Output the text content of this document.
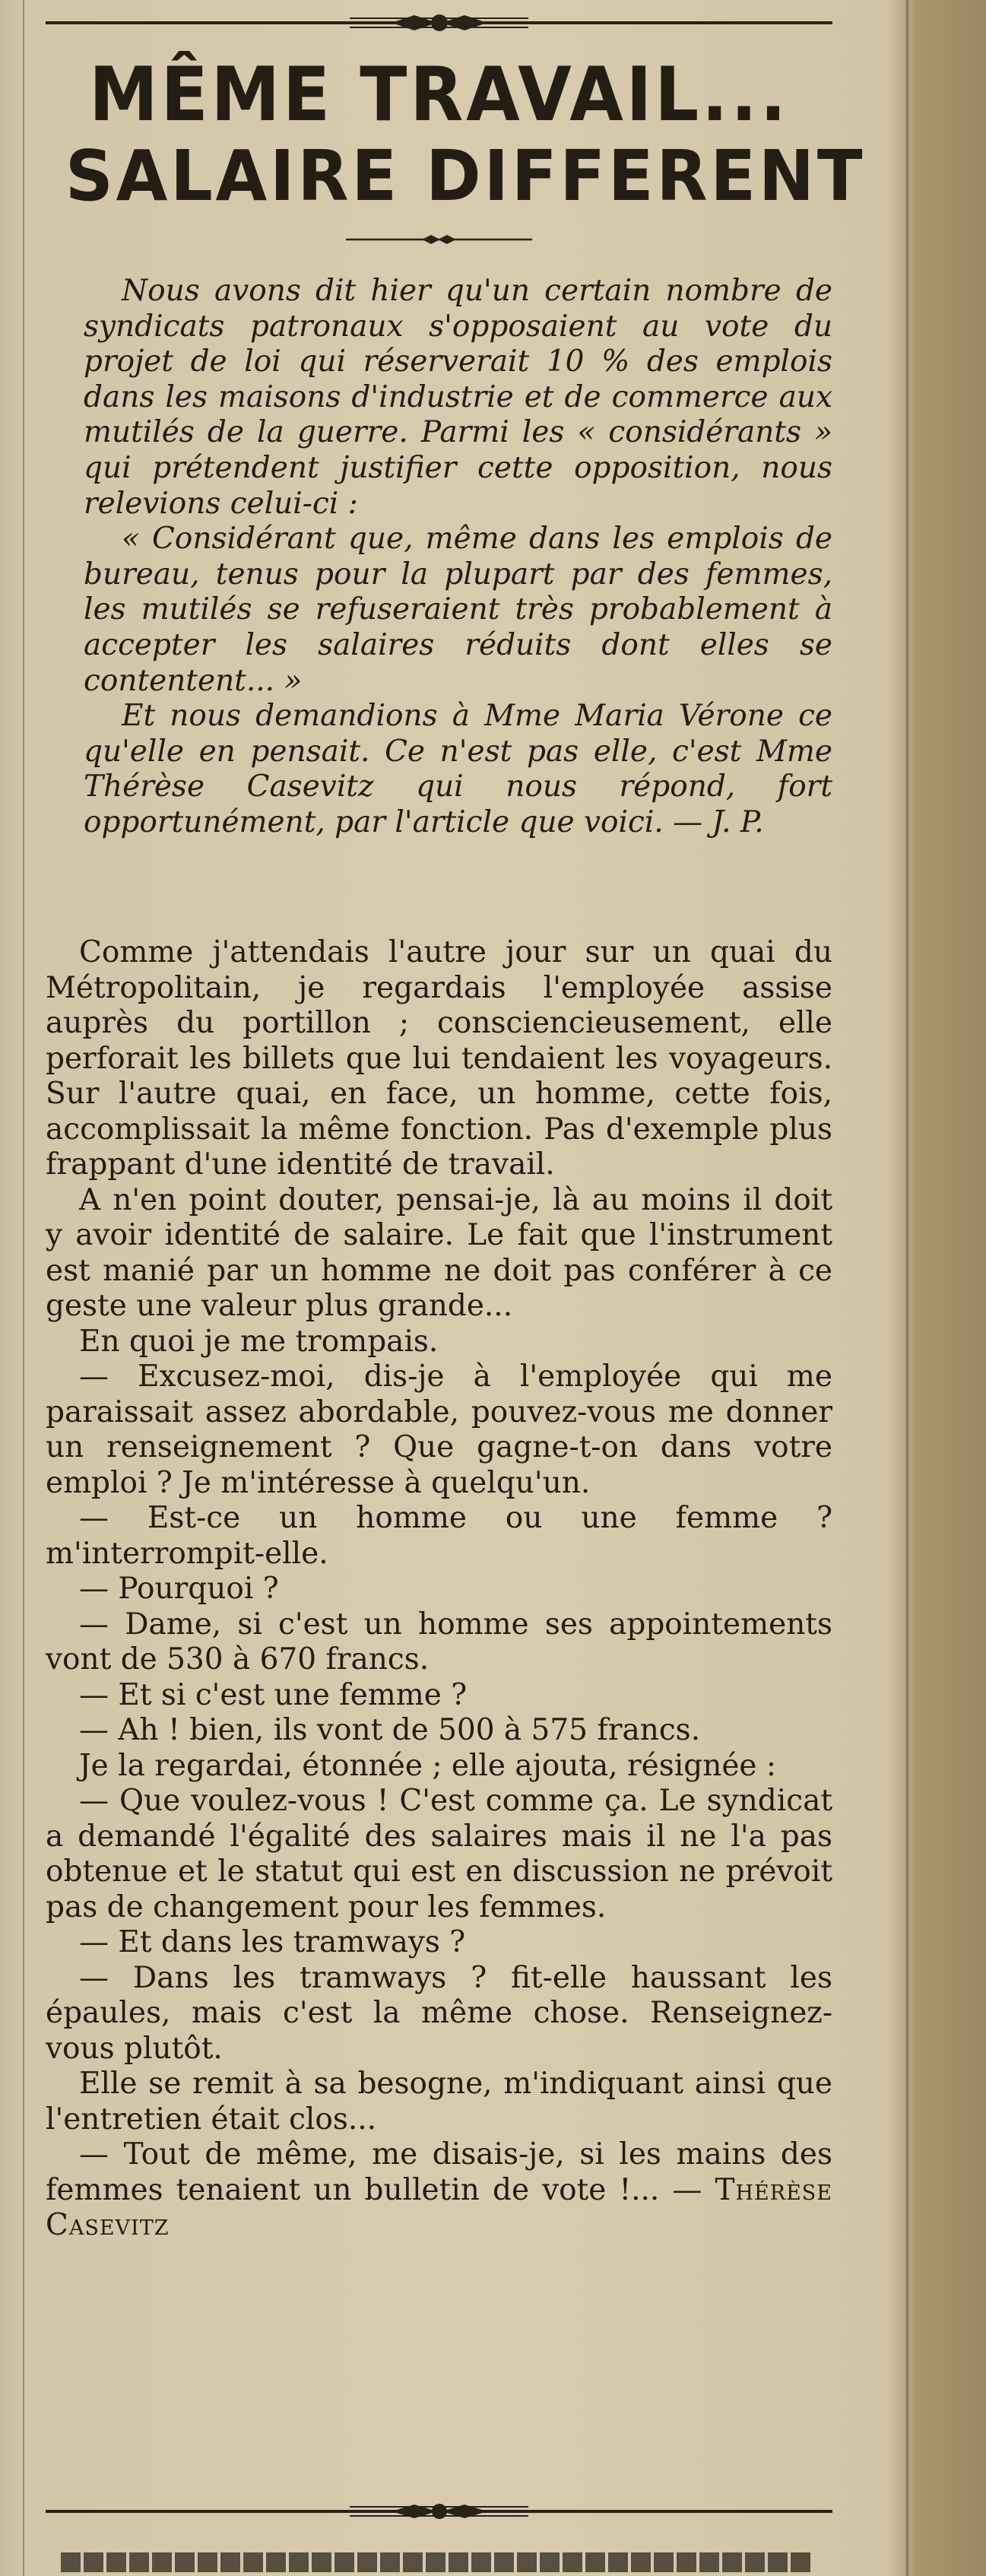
MÊME TRAVAIL...
SALAIRE DIFFERENT

Nous avons dit hier qu'un certain nombre de syndicats patronaux s'opposaient au vote du projet de loi qui réserverait 10 % des emplois dans les maisons d'industrie et de commerce aux mutilés de la guerre. Parmi les « considérants » qui prétendent justifier cette opposition, nous relevions celui-ci :

« Considérant que, même dans les emplois de bureau, tenus pour la plupart par des femmes, les mutilés se refuseraient très probablement à accepter les salaires réduits dont elles se contentent... »

Et nous demandions à Mme Maria Vérone ce qu'elle en pensait. Ce n'est pas elle, c'est Mme Thérèse Casevitz qui nous répond, fort opportunément, par l'article que voici. — J. P.

Comme j'attendais l'autre jour sur un quai du Métropolitain, je regardais l'employée assise auprès du portillon ; consciencieusement, elle perforait les billets que lui tendaient les voyageurs. Sur l'autre quai, en face, un homme, cette fois, accomplissait la même fonction. Pas d'exemple plus frappant d'une identité de travail.

A n'en point douter, pensai-je, là au moins il doit y avoir identité de salaire. Le fait que l'instrument est manié par un homme ne doit pas conférer à ce geste une valeur plus grande...

En quoi je me trompais.

— Excusez-moi, dis-je à l'employée qui me paraissait assez abordable, pouvez-vous me donner un renseignement ? Que gagne-t-on dans votre emploi ? Je m'intéresse à quelqu'un.

— Est-ce un homme ou une femme ? m'interrompit-elle.

— Pourquoi ?

— Dame, si c'est un homme ses appointements vont de 530 à 670 francs.

— Et si c'est une femme ?

— Ah ! bien, ils vont de 500 à 575 francs.

Je la regardai, étonnée ; elle ajouta, résignée :

— Que voulez-vous ! C'est comme ça. Le syndicat a demandé l'égalité des salaires mais il ne l'a pas obtenue et le statut qui est en discussion ne prévoit pas de changement pour les femmes.

— Et dans les tramways ?

— Dans les tramways ? fit-elle haussant les épaules, mais c'est la même chose. Renseignez-vous plutôt.

Elle se remit à sa besogne, m'indiquant ainsi que l'entretien était clos...

— Tout de même, me disais-je, si les mains des femmes tenaient un bulletin de vote !... — Thérèse Casevitz
